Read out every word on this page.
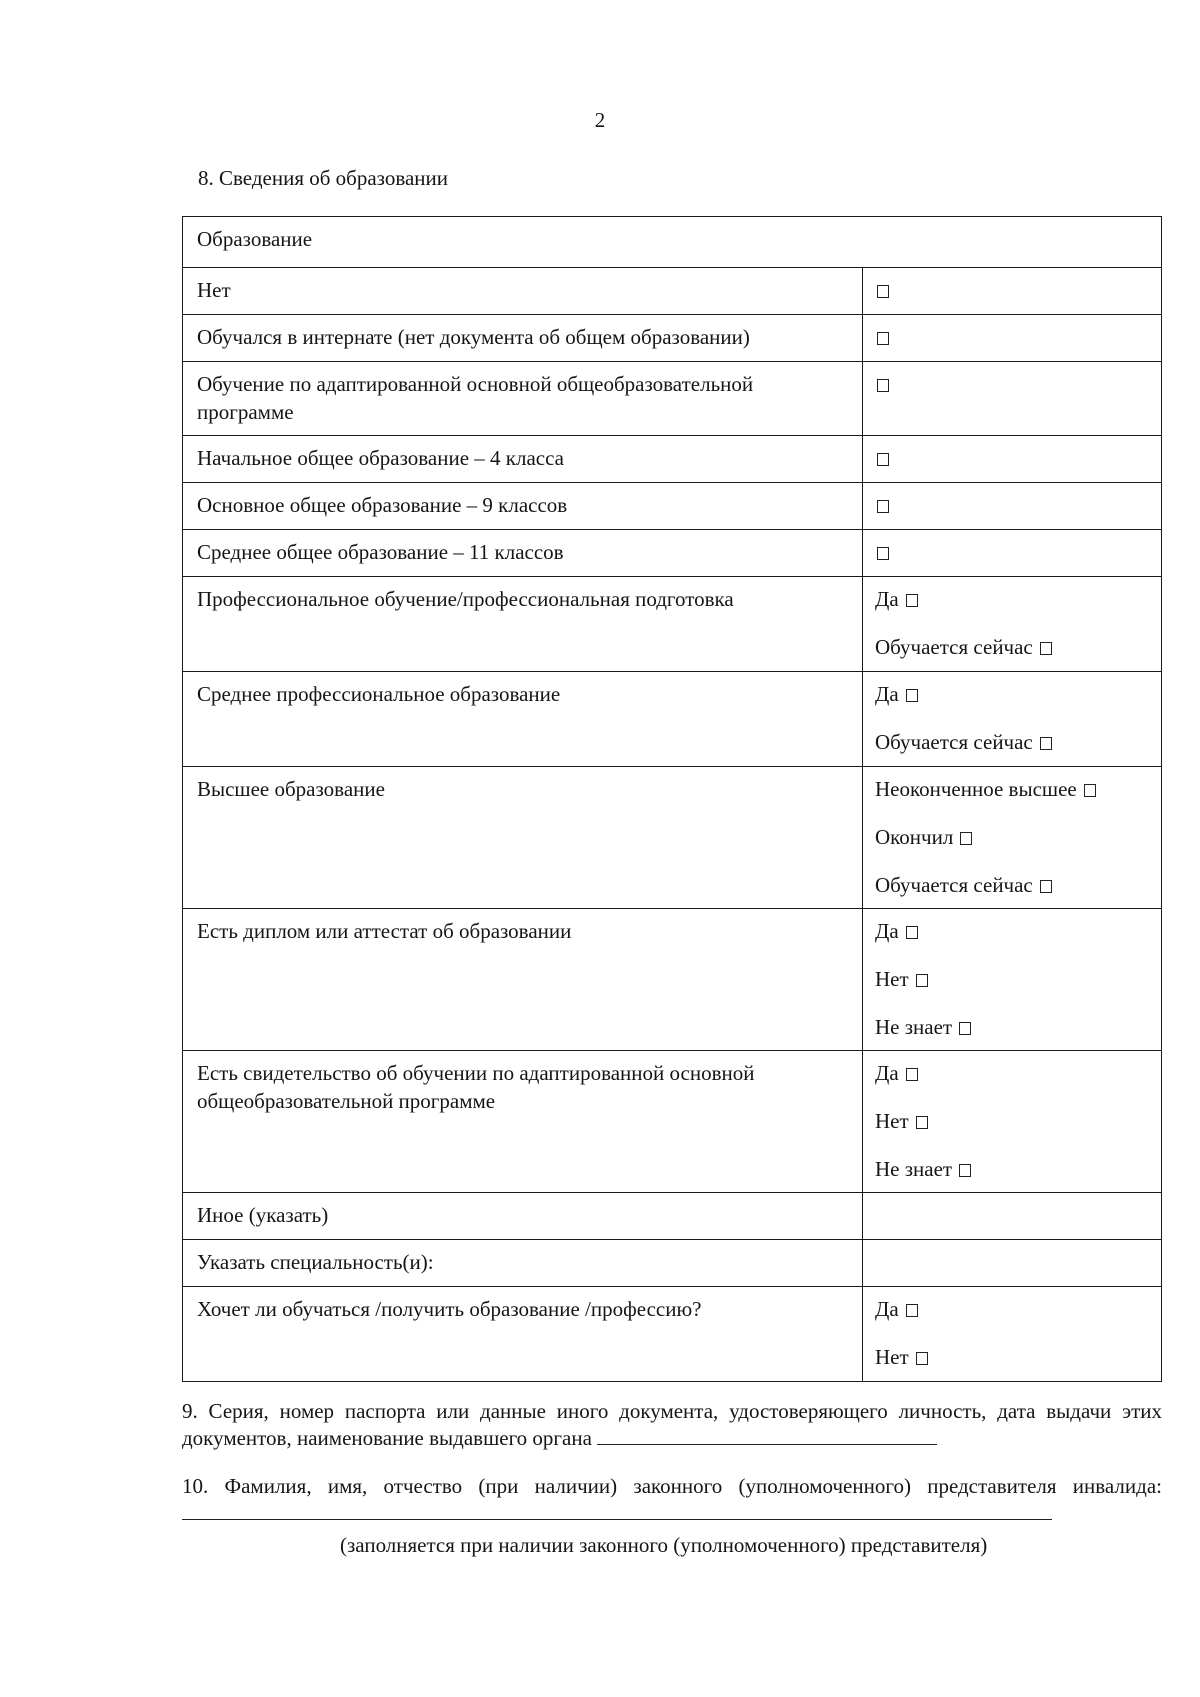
2
8. Сведения об образовании
Образование	
Нет	

Обучался в интернате (нет документа об общем образовании)	

Обучение по адаптированной основной общеобразовательной программе	

Начальное общее образование – 4 класса	

Основное общее образование – 9 классов	

Среднее общее образование – 11 классов	

Профессиональное обучение/профессиональная подготовка	Да
Обучается сейчас

Среднее профессиональное образование	Да
Обучается сейчас

Высшее образование	Неоконченное высшее
Окончил
Обучается сейчас

Есть диплом или аттестат об образовании	Да
Нет
Не знает

Есть свидетельство об обучении по адаптированной основной общеобразовательной программе	Да
Нет
Не знает

Иное (указать)	
Указать специальность(и):	
Хочет ли обучаться /получить образование /профессию?	Да
Нет
9. Серия, номер паспорта или данные иного документа, удостоверяющего личность, дата выдачи этих документов, наименование выдавшего органа
10. Фамилия, имя, отчество (при наличии) законного (уполномоченного) представителя инвалида:
(заполняется при наличии законного (уполномоченного) представителя)
